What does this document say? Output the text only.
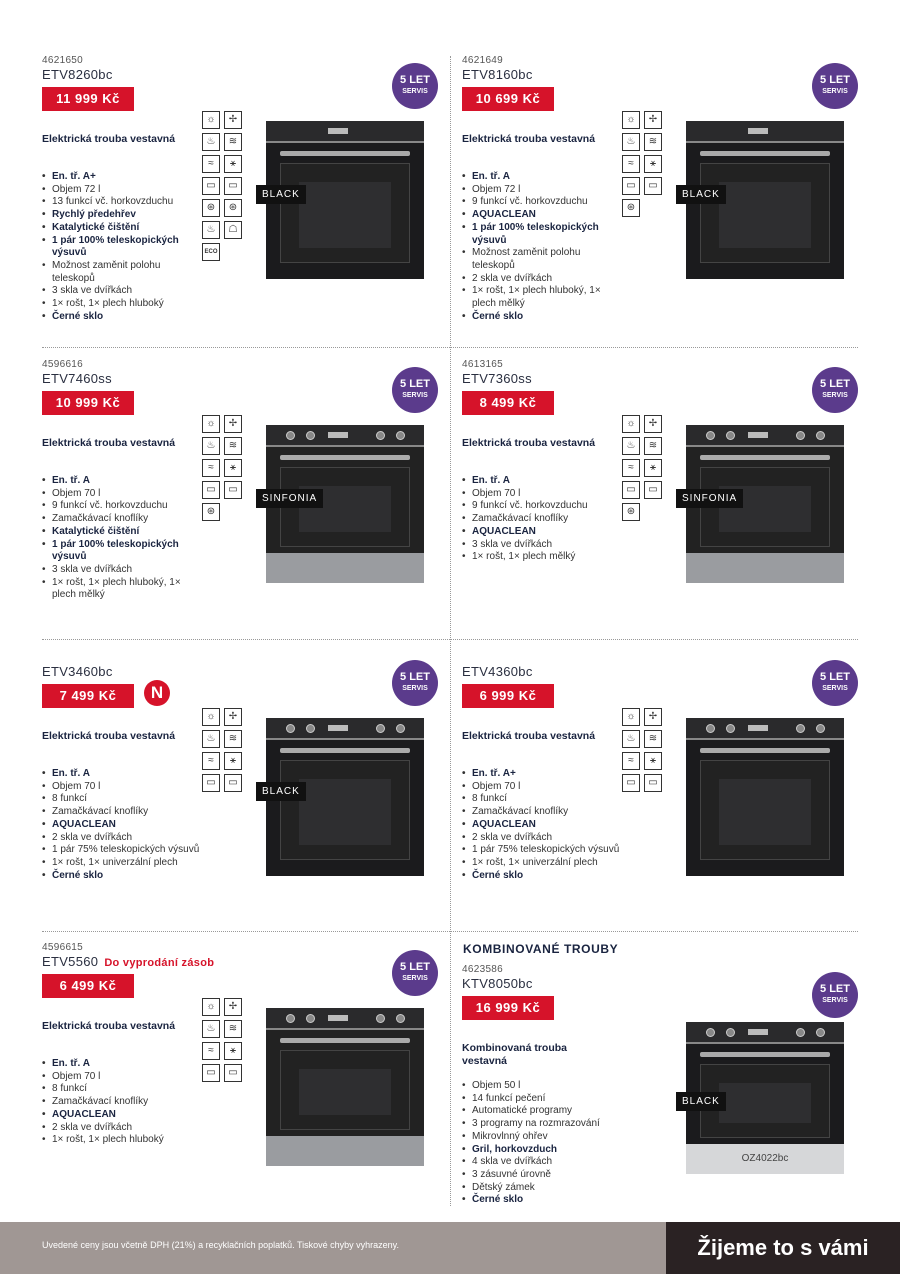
KOMBINOVANÉ TROUBY
4621650
ETV8260bc
11 999 Kč
5 LET
SERVIS
Elektrická trouba vestavná
• En. tř. A+
• Objem 72 l
• 13 funkcí vč. horkovzduchu
• Rychlý předehřev
• Katalytické čištění
• 1 pár 100% teleskopických výsuvů
• Možnost zaměnit polohu teleskopů
• 3 skla ve dvířkách
• 1× rošt, 1× plech hluboký
• Černé sklo
☼	✢
♨	≋
≈	⚹
▭	▭
⊛	⊛
♨	☖
ECO
BLACK
4621649
ETV8160bc
10 699 Kč
5 LET
SERVIS
Elektrická trouba vestavná
• En. tř. A
• Objem 72 l
• 9 funkcí vč. horkovzduchu
• AQUACLEAN
• 1 pár 100% teleskopických výsuvů
• Možnost zaměnit polohu teleskopů
• 2 skla ve dvířkách
• 1× rošt, 1× plech hluboký, 1× plech mělký
• Černé sklo
☼	✢
♨	≋
≈	⚹
▭	▭
⊛
BLACK
4596616
ETV7460ss
10 999 Kč
5 LET
SERVIS
Elektrická trouba vestavná
• En. tř. A
• Objem 70 l
• 9 funkcí vč. horkovzduchu
• Zamačkávací knoflíky
• Katalytické čištění
• 1 pár 100% teleskopických výsuvů
• 3 skla ve dvířkách
• 1× rošt, 1× plech hluboký, 1× plech mělký
☼	✢
♨	≋
≈	⚹
▭	▭
⊛
SINFONIA
4613165
ETV7360ss
8 499 Kč
5 LET
SERVIS
Elektrická trouba vestavná
• En. tř. A
• Objem 70 l
• 9 funkcí vč. horkovzduchu
• Zamačkávací knoflíky
• AQUACLEAN
• 3 skla ve dvířkách
• 1× rošt, 1× plech mělký
☼	✢
♨	≋
≈	⚹
▭	▭
⊛
SINFONIA
ETV3460bc
7 499 Kč	N
5 LET
SERVIS
Elektrická trouba vestavná
• En. tř. A
• Objem 70 l
• 8 funkcí
• Zamačkávací knoflíky
• AQUACLEAN
• 2 skla ve dvířkách
• 1 pár 75% teleskopických výsuvů
• 1× rošt, 1× univerzální plech
• Černé sklo
☼	✢
♨	≋
≈	⚹
▭	▭
BLACK
ETV4360bc
6 999 Kč
5 LET
SERVIS
Elektrická trouba vestavná
• En. tř. A+
• Objem 70 l
• 8 funkcí
• Zamačkávací knoflíky
• AQUACLEAN
• 2 skla ve dvířkách
• 1 pár 75% teleskopických výsuvů
• 1× rošt, 1× univerzální plech
• Černé sklo
☼	✢
♨	≋
≈	⚹
▭	▭
4596615
ETV5560 Do vyprodání zásob
6 499 Kč
5 LET
SERVIS
Elektrická trouba vestavná
• En. tř. A
• Objem 70 l
• 8 funkcí
• Zamačkávací knoflíky
• AQUACLEAN
• 2 skla ve dvířkách
• 1× rošt, 1× plech hluboký
☼	✢
♨	≋
≈	⚹
▭	▭
4623586
KTV8050bc
16 999 Kč
5 LET
SERVIS
Kombinovaná trouba vestavná
• Objem 50 l
• 14 funkcí pečení
• Automatické programy
• 3 programy na rozmrazování
• Mikrovlnný ohřev
• Gril, horkovzduch
• 4 skla ve dvířkách
• 3 zásuvné úrovně
• Dětský zámek
• Černé sklo
OZ4022bc
BLACK
Uvedené ceny jsou včetně DPH (21%) a recyklačních poplatků. Tiskové chyby vyhrazeny.	Žijeme to s vámi
